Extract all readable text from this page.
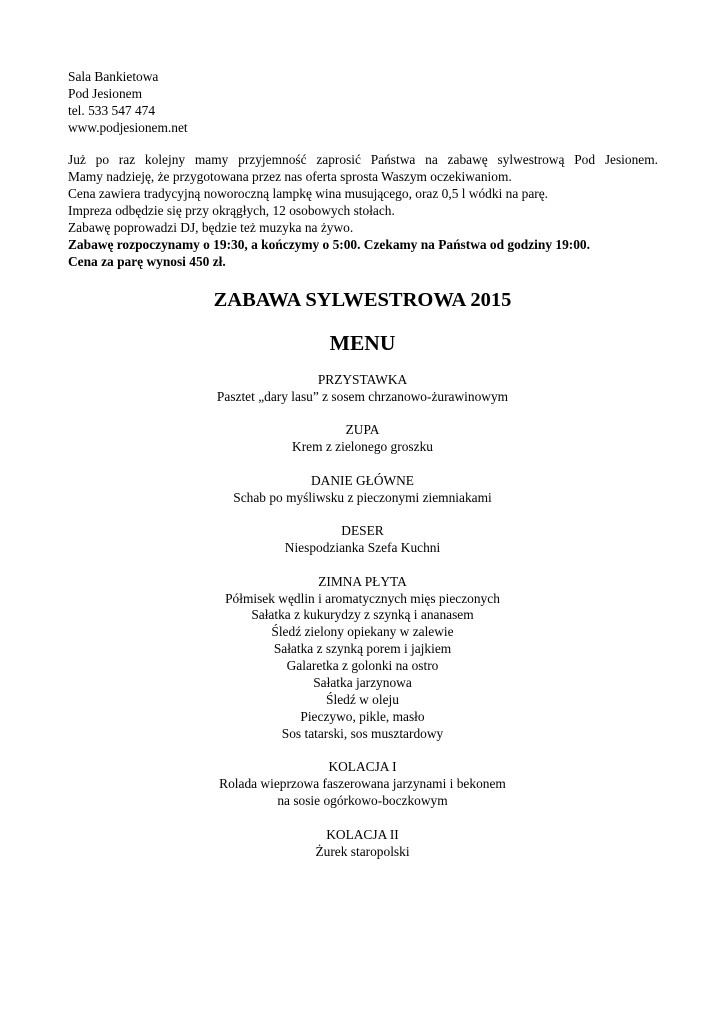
Sala Bankietowa
Pod Jesionem
tel. 533 547 474
www.podjesionem.net
Już po raz kolejny mamy przyjemność zaprosić Państwa na zabawę sylwestrową Pod Jesionem.
Mamy nadzieję, że przygotowana przez nas oferta sprosta Waszym oczekiwaniom.
Cena zawiera tradycyjną noworoczną lampkę wina musującego, oraz 0,5 l wódki na parę.
Impreza odbędzie się przy okrągłych, 12 osobowych stołach.
Zabawę poprowadzi DJ, będzie też muzyka na żywo.
Zabawę rozpoczynamy o 19:30, a kończymy o 5:00. Czekamy na Państwa od godziny 19:00.
Cena za parę wynosi 450 zł.
ZABAWA SYLWESTROWA 2015
MENU
PRZYSTAWKA
Pasztet „dary lasu” z sosem chrzanowo-żurawinowym
ZUPA
Krem z zielonego groszku
DANIE GŁÓWNE
Schab po myśliwsku z pieczonymi ziemniakami
DESER
Niespodzianka Szefa Kuchni
ZIMNA PŁYTA
Półmisek wędlin i aromatycznych mięs pieczonych
Sałatka z kukurydzy z szynką i ananasem
Śledź zielony opiekany w zalewie
Sałatka z szynką porem i jajkiem
Galaretka z golonki na ostro
Sałatka jarzynowa
Śledź w oleju
Pieczywo, pikle, masło
Sos tatarski, sos musztardowy
KOLACJA I
Rolada wieprzowa faszerowana jarzynami i bekonem
na sosie ogórkowo-boczkowym
KOLACJA II
Żurek staropolski
